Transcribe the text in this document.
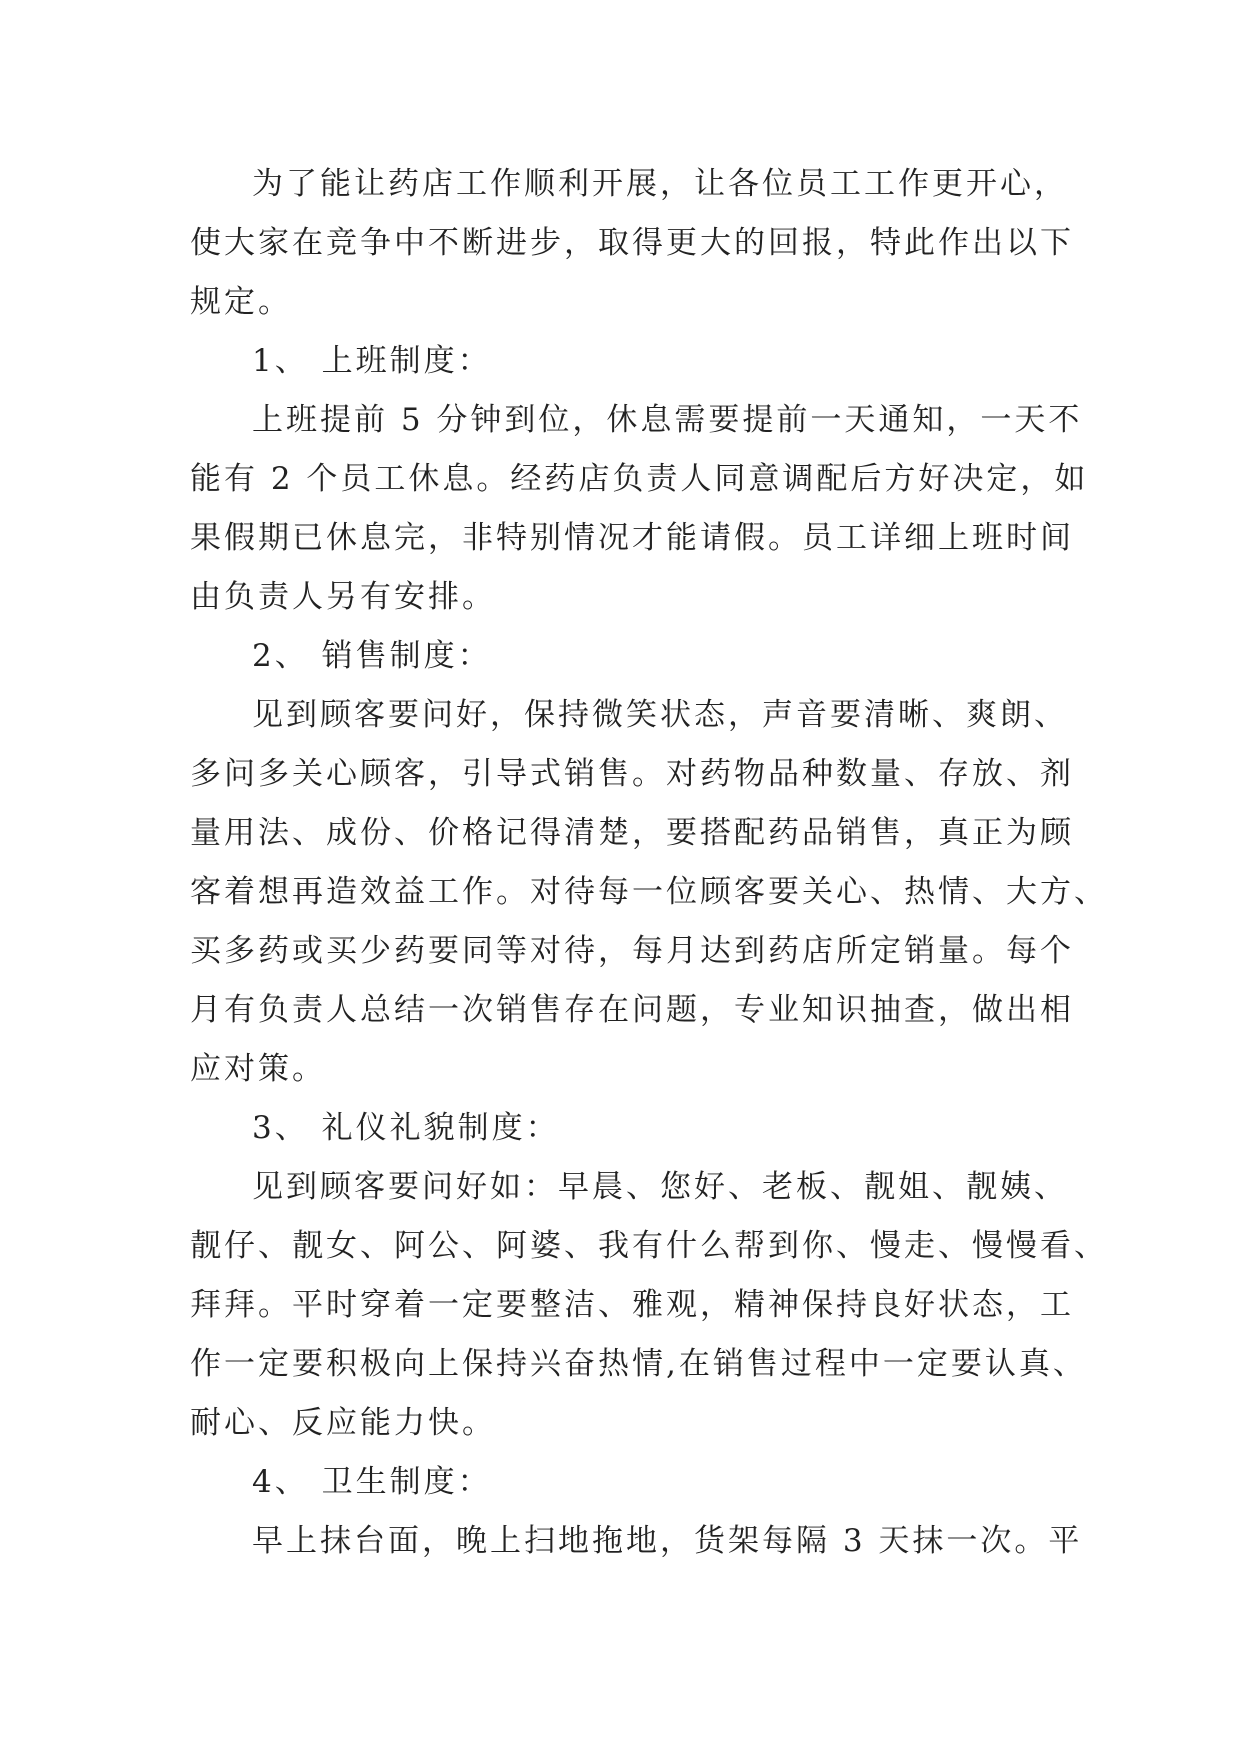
为了能让药店工作顺利开展，让各位员工工作更开心，
使大家在竞争中不断进步，取得更大的回报，特此作出以下
规定。
1、 上班制度：
上班提前 5 分钟到位，休息需要提前一天通知，一天不
能有 2 个员工休息。经药店负责人同意调配后方好决定，如
果假期已休息完，非特别情况才能请假。员工详细上班时间
由负责人另有安排。
2、 销售制度：
见到顾客要问好，保持微笑状态，声音要清晰、爽朗、
多问多关心顾客，引导式销售。对药物品种数量、存放、剂
量用法、成份、价格记得清楚，要搭配药品销售，真正为顾
客着想再造效益工作。对待每一位顾客要关心、热情、大方、
买多药或买少药要同等对待，每月达到药店所定销量。每个
月有负责人总结一次销售存在问题，专业知识抽查，做出相
应对策。
3、 礼仪礼貌制度：
见到顾客要问好如：早晨、您好、老板、靓姐、靓姨、
靓仔、靓女、阿公、阿婆、我有什么帮到你、慢走、慢慢看、
拜拜。平时穿着一定要整洁、雅观，精神保持良好状态，工
作一定要积极向上保持兴奋热情,在销售过程中一定要认真、
耐心、反应能力快。
4、 卫生制度：
早上抹台面，晚上扫地拖地，货架每隔 3 天抹一次。平
